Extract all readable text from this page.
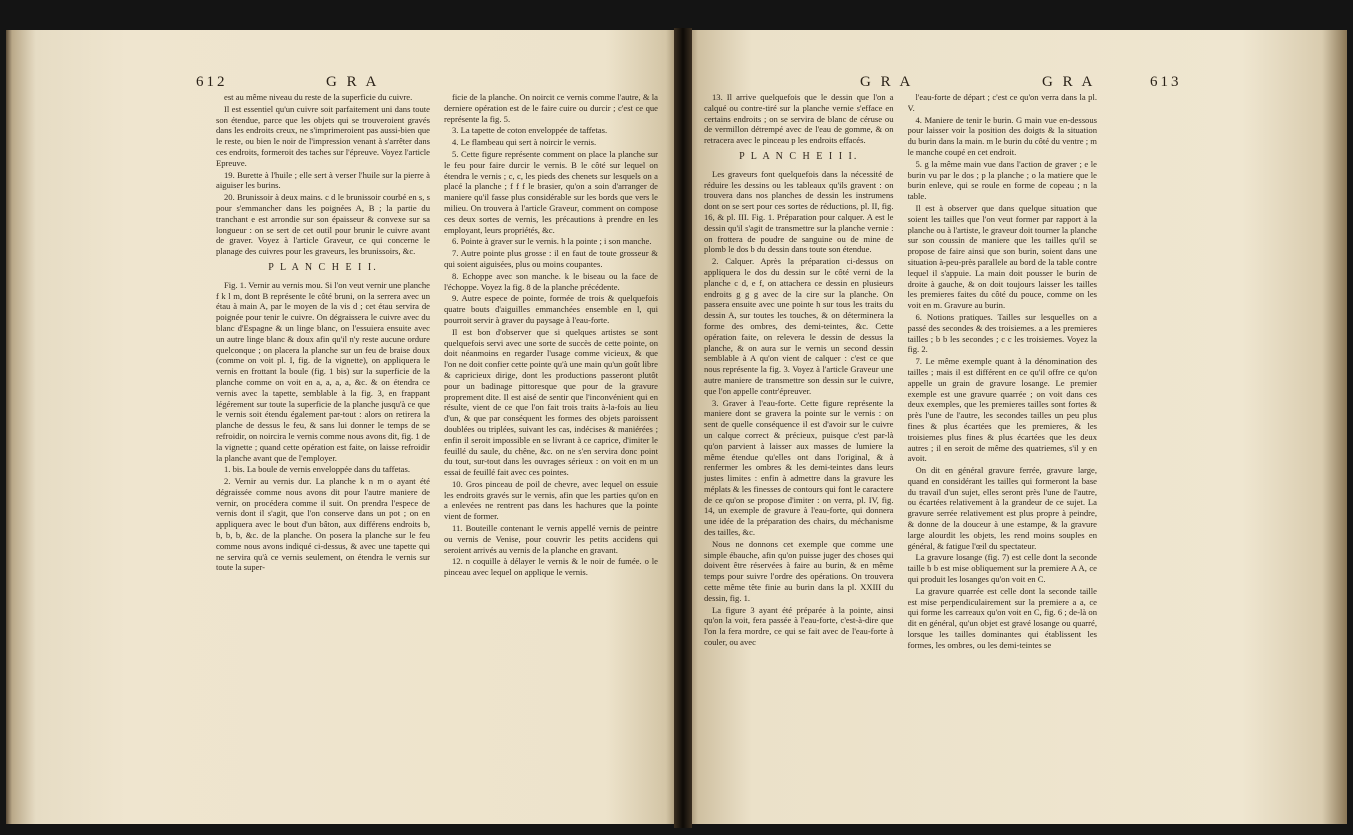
612	G R A

est au même niveau du reste de la superficie du cuivre.

Il est essentiel qu'un cuivre soit parfaitement uni dans toute son étendue, parce que les objets qui se trouveroient gravés dans les endroits creux, ne s'imprimeroient pas aussi-bien que le reste, ou bien le noir de l'impression venant à s'arrêter dans ces endroits, formeroit des taches sur l'épreuve. Voyez l'article Epreuve.

19. Burette à l'huile ; elle sert à verser l'huile sur la pierre à aiguiser les burins.

20. Brunissoir à deux mains. c d le brunissoir courbé en s, s pour s'emmancher dans les poignées A, B ; la partie du tranchant e est arrondie sur son épaisseur & convexe sur sa longueur : on se sert de cet outil pour brunir le cuivre avant de graver. Voyez à l'article Graveur, ce qui concerne le planage des cuivres pour les graveurs, les brunissoirs, &c.

P L A N C H E I I.

Fig. 1. Vernir au vernis mou. Si l'on veut vernir une planche f k l m, dont B représente le côté bruni, on la serrera avec un étau à main A, par le moyen de la vis d ; cet étau servira de poignée pour tenir le cuivre. On dégraissera le cuivre avec du blanc d'Espagne & un linge blanc, on l'essuiera ensuite avec un autre linge blanc & doux afin qu'il n'y reste aucune ordure quelconque ; on placera la planche sur un feu de braise doux (comme on voit pl. I, fig. de la vignette), on appliquera le vernis en frottant la boule (fig. 1 bis) sur la superficie de la planche comme on voit en a, a, a, a, &c. & on étendra ce vernis avec la tapette, semblable à la fig. 3, en frappant légérement sur toute la superficie de la planche jusqu'à ce que le vernis soit étendu également par-tout : alors on retirera la planche de dessus le feu, & sans lui donner le temps de se refroidir, on noircira le vernis comme nous avons dit, fig. 1 de la vignette ; quand cette opération est faite, on laisse refroidir la planche avant que de l'employer.

1. bis. La boule de vernis enveloppée dans du taffetas.

2. Vernir au vernis dur. La planche k n m o ayant été dégraissée comme nous avons dit pour l'autre maniere de vernir, on procédera comme il suit. On prendra l'espece de vernis dont il s'agit, que l'on conserve dans un pot ; on en appliquera avec le bout d'un bâton, aux différens endroits b, b, b, b, &c. de la planche. On posera la planche sur le feu comme nous avons indiqué ci-dessus, & avec une tapette qui ne servira qu'à ce vernis seulement, on étendra le vernis sur toute la super-

ficie de la planche. On noircit ce vernis comme l'autre, & la derniere opération est de le faire cuire ou durcir ; c'est ce que représente la fig. 5.

3. La tapette de coton enveloppée de taffetas.

4. Le flambeau qui sert à noircir le vernis.

5. Cette figure représente comment on place la planche sur le feu pour faire durcir le vernis. B le côté sur lequel on étendra le vernis ; c, c, les pieds des chenets sur lesquels on a placé la planche ; f f f le brasier, qu'on a soin d'arranger de maniere qu'il fasse plus considérable sur les bords que vers le milieu. On trouvera à l'article Graveur, comment on compose ces deux sortes de vernis, les précautions à prendre en les employant, leurs propriétés, &c.

6. Pointe à graver sur le vernis. h la pointe ; i son manche.

7. Autre pointe plus grosse : il en faut de toute grosseur & qui soient aiguisées, plus ou moins coupantes.

8. Echoppe avec son manche. k le biseau ou la face de l'échoppe. Voyez la fig. 8 de la planche précédente.

9. Autre espece de pointe, formée de trois & quelquefois quatre bouts d'aiguilles emmanchées ensemble en l, qui pourroit servir à graver du paysage à l'eau-forte.

Il est bon d'observer que si quelques artistes se sont quelquefois servi avec une sorte de succès de cette pointe, on doit néanmoins en regarder l'usage comme vicieux, & que l'on ne doit confier cette pointe qu'à une main qu'un goût libre & capricieux dirige, dont les productions passeront plutôt pour un badinage pittoresque que pour de la gravure proprement dite. Il est aisé de sentir que l'inconvénient qui en résulte, vient de ce que l'on fait trois traits à-la-fois au lieu d'un, & que par conséquent les formes des objets paroissent doublées ou triplées, suivant les cas, indécises & maniérées ; enfin il seroit impossible en se livrant à ce caprice, d'imiter le feuillé du saule, du chêne, &c. on ne s'en servira donc point du tout, sur-tout dans les ouvrages sérieux : on voit en m un essai de feuillé fait avec ces pointes.

10. Gros pinceau de poil de chevre, avec lequel on essuie les endroits gravés sur le vernis, afin que les parties qu'on en a enlevées ne rentrent pas dans les hachures que la pointe vient de former.

11. Bouteille contenant le vernis appellé vernis de peintre ou vernis de Venise, pour couvrir les petits accidens qui seroient arrivés au vernis de la planche en gravant.

12. n coquille à délayer le vernis & le noir de fumée. o le pinceau avec lequel on applique le vernis.

G R A	G R A	613

13. Il arrive quelquefois que le dessin que l'on a calqué ou contre-tiré sur la planche vernie s'efface en certains endroits ; on se servira de blanc de céruse ou de vermillon détrempé avec de l'eau de gomme, & on retracera avec le pinceau p les endroits effacés.

P L A N C H E I I I.

Les graveurs font quelquefois dans la nécessité de réduire les dessins ou les tableaux qu'ils gravent : on trouvera dans nos planches de dessin les instrumens dont on se sert pour ces sortes de réductions, pl. II, fig. 16, & pl. III. Fig. 1. Préparation pour calquer. A est le dessin qu'il s'agit de transmettre sur la planche vernie : on frottera de poudre de sanguine ou de mine de plomb le dos b du dessin dans toute son étendue.

2. Calquer. Après la préparation ci-dessus on appliquera le dos du dessin sur le côté verni de la planche c d, e f, on attachera ce dessin en plusieurs endroits g g g avec de la cire sur la planche. On passera ensuite avec une pointe h sur tous les traits du dessin A, sur toutes les touches, & on déterminera la forme des ombres, des demi-teintes, &c. Cette opération faite, on relevera le dessin de dessus la planche, & on aura sur le vernis un second dessin semblable à A qu'on vient de calquer : c'est ce que nous représente la fig. 3. Voyez à l'article Graveur une autre maniere de transmettre son dessin sur le cuivre, que l'on appelle contr'épreuver.

3. Graver à l'eau-forte. Cette figure représente la maniere dont se gravera la pointe sur le vernis : on sent de quelle conséquence il est d'avoir sur le cuivre un calque correct & précieux, puisque c'est par-là qu'on parvient à laisser aux masses de lumiere la même étendue qu'elles ont dans l'original, & à renfermer les ombres & les demi-teintes dans leurs justes limites : enfin à admettre dans la gravure les méplats & les finesses de contours qui font le caractere de ce qu'on se propose d'imiter : on verra, pl. IV, fig. 14, un exemple de gravure à l'eau-forte, qui donnera une idée de la préparation des chairs, du méchanisme des tailles, &c.

Nous ne donnons cet exemple que comme une simple ébauche, afin qu'on puisse juger des choses qui doivent être réservées à faire au burin, & en même temps pour suivre l'ordre des opérations. On trouvera cette même tête finie au burin dans la pl. XXIII du dessin, fig. 1.

La figure 3 ayant été préparée à la pointe, ainsi qu'on la voit, fera passée à l'eau-forte, c'est-à-dire que l'on la fera mordre, ce qui se fait avec de l'eau-forte à couler, ou avec

l'eau-forte de départ ; c'est ce qu'on verra dans la pl. V.

4. Maniere de tenir le burin. G main vue en-dessous pour laisser voir la position des doigts & la situation du burin dans la main. m le burin du côté du ventre ; m le manche coupé en cet endroit.

5. g la même main vue dans l'action de graver ; e le burin vu par le dos ; p la planche ; o la matiere que le burin enleve, qui se roule en forme de copeau ; n la table.

Il est à observer que dans quelque situation que soient les tailles que l'on veut former par rapport à la planche ou à l'artiste, le graveur doit tourner la planche sur son coussin de maniere que les tailles qu'il se propose de faire ainsi que son burin, soient dans une situation à-peu-près parallele au bord de la table contre lequel il s'appuie. La main doit pousser le burin de droite à gauche, & on doit toujours laisser les tailles les premieres faites du côté du pouce, comme on les voit en m. Gravure au burin.

6. Notions pratiques. Tailles sur lesquelles on a passé des secondes & des troisiemes. a a les premieres tailles ; b b les secondes ; c c les troisiemes. Voyez la fig. 2.

7. Le même exemple quant à la dénomination des tailles ; mais il est différent en ce qu'il offre ce qu'on appelle un grain de gravure losange. Le premier exemple est une gravure quarrée ; on voit dans ces deux exemples, que les premieres tailles sont fortes & près l'une de l'autre, les secondes tailles un peu plus fines & plus écartées que les premieres, & les troisiemes plus fines & plus écartées que les deux autres ; il en seroit de même des quatriemes, s'il y en avoit.

On dit en général gravure ferrée, gravure large, quand en considérant les tailles qui formeront la base du travail d'un sujet, elles seront près l'une de l'autre, ou écartées relativement à la grandeur de ce sujet. La gravure serrée relativement est plus propre à peindre, & donne de la douceur à une estampe, & la gravure large alourdit les objets, les rend moins souples en général, & fatigue l'œil du spectateur.

La gravure losange (fig. 7) est celle dont la seconde taille b b est mise obliquement sur la premiere A A, ce qui produit les losanges qu'on voit en C.

La gravure quarrée est celle dont la seconde taille est mise perpendiculairement sur la premiere a a, ce qui forme les carreaux qu'on voit en C, fig. 6 ; de-là on dit en général, qu'un objet est gravé losange ou quarré, lorsque les tailles dominantes qui établissent les formes, les ombres, ou les demi-teintes se
